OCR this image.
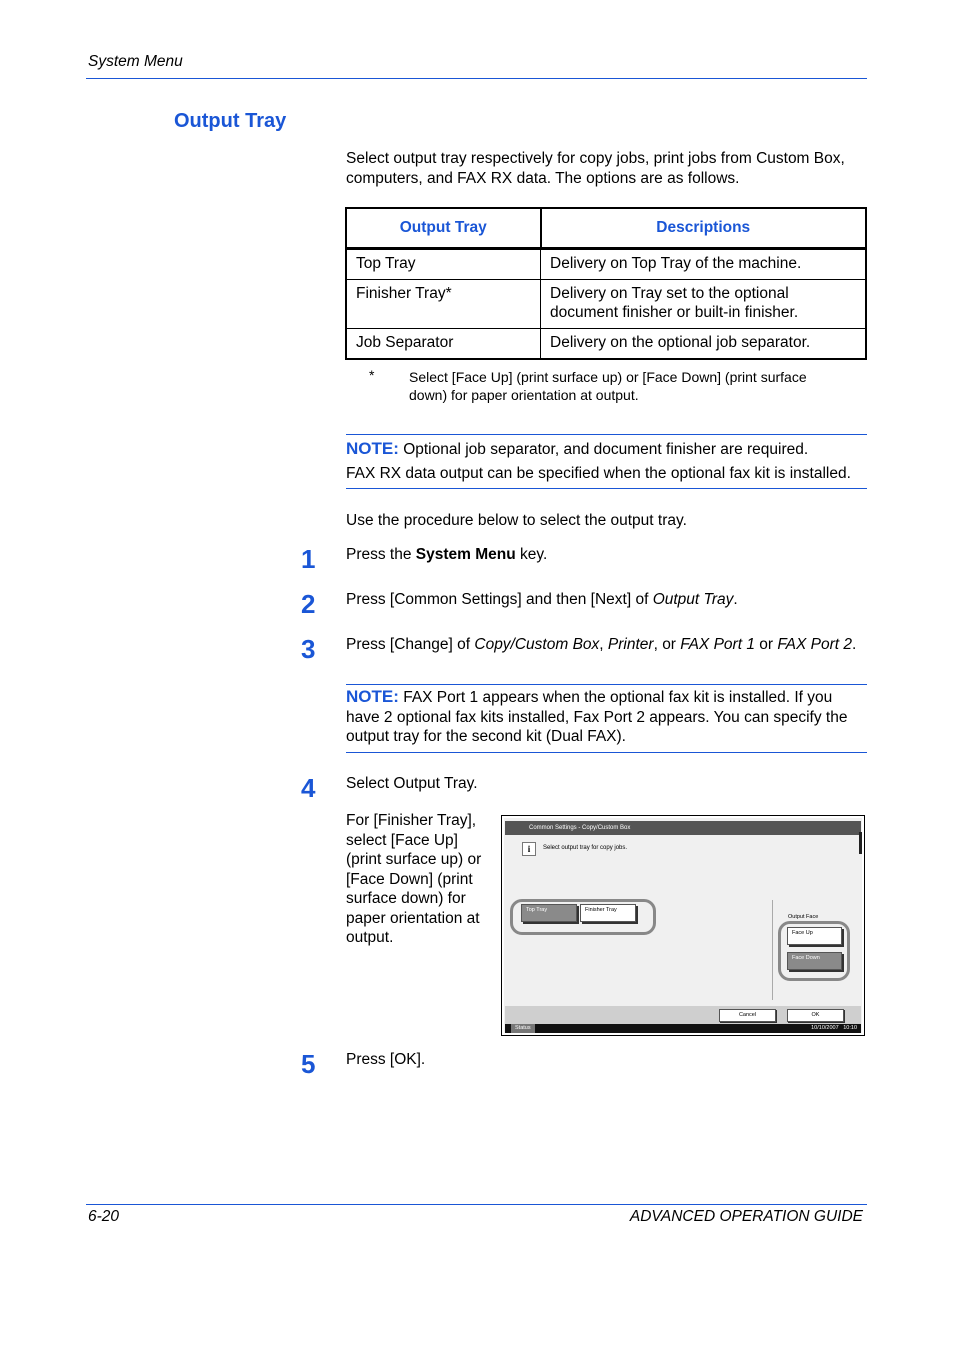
System Menu
Output Tray
Select output tray respectively for copy jobs, print jobs from Custom Box,
computers, and FAX RX data. The options are as follows.
Output Tray	Descriptions
Top Tray	Delivery on Top Tray of the machine.

Finisher Tray*	Delivery on Tray set to the optional
document finisher or built-in finisher.

Job Separator	Delivery on the optional job separator.
* Select [Face Up] (print surface up) or [Face Down] (print surface
down) for paper orientation at output.
NOTE: Optional job separator, and document finisher are required.
FAX RX data output can be specified when the optional fax kit is installed.
Use the procedure below to select the output tray.
1 Press the System Menu key.
2 Press [Common Settings] and then [Next] of Output Tray.
3 Press [Change] of Copy/Custom Box, Printer, or FAX Port 1 or FAX Port 2.
NOTE: FAX Port 1 appears when the optional fax kit is installed. If you
have 2 optional fax kits installed, Fax Port 2 appears. You can specify the
output tray for the second kit (Dual FAX).
4 Select Output Tray.
For [Finisher Tray],
select [Face Up]
(print surface up) or
[Face Down] (print
surface down) for
paper orientation at
output.
Common Settings - Copy/Custom Box
i	Select output tray for copy jobs.
Top Tray	Finisher Tray
Output Face
Face Up
Face Down
Cancel	OK
Status	10/10/2007 10:10
5 Press [OK].
6-20	ADVANCED OPERATION GUIDE
